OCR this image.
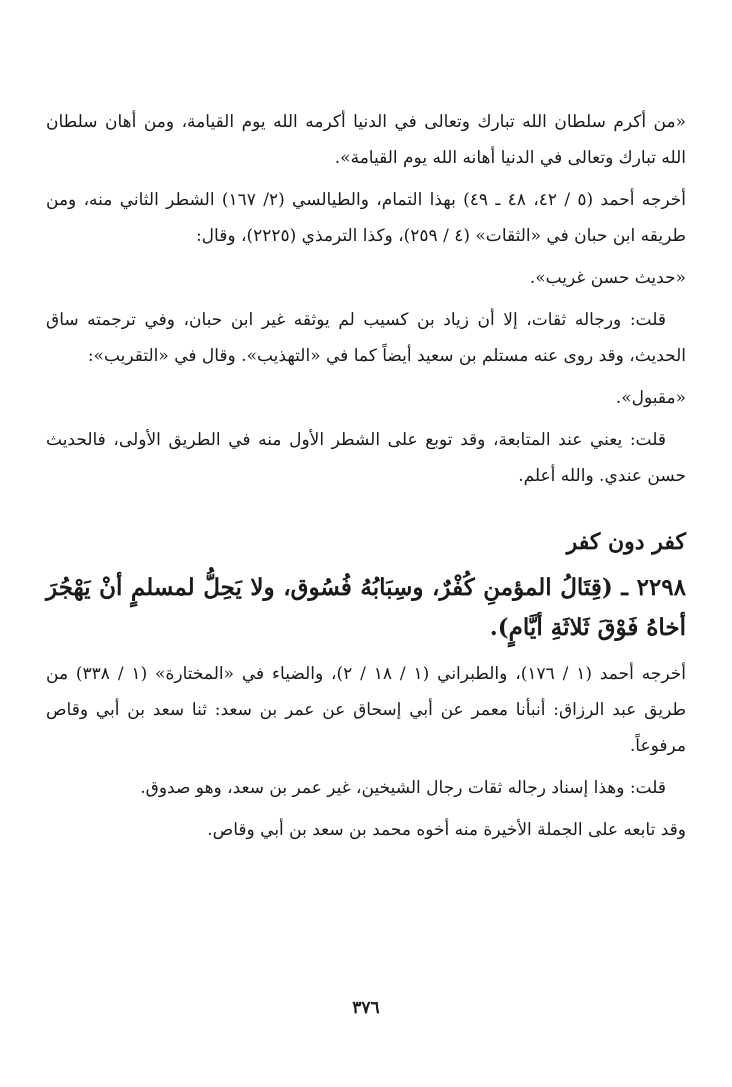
«من أكرم سلطان الله تبارك وتعالى في الدنيا أكرمه الله يوم القيامة، ومن أهان سلطان الله تبارك وتعالى في الدنيا أهانه الله يوم القيامة».

أخرجه أحمد (٥ / ٤٢، ٤٨ ـ ٤٩) بهذا التمام، والطيالسي (٢/ ١٦٧) الشطر الثاني منه، ومن طريقه ابن حبان في «الثقات» (٤ / ٢٥٩)، وكذا الترمذي (٢٢٢٥)، وقال:

«حديث حسن غريب».

قلت: ورجاله ثقات، إلا أن زياد بن كسيب لم يوثقه غير ابن حبان، وفي ترجمته ساق الحديث، وقد روى عنه مستلم بن سعيد أيضاً كما في «التهذيب». وقال في «التقريب»:

«مقبول».

قلت: يعني عند المتابعة، وقد توبع على الشطر الأول منه في الطريق الأولى، فالحديث حسن عندي. والله أعلم.

كفر دون كفر

٢٢٩٨ ـ (قِتَالُ المؤمنِ كُفْرٌ، وسِبَابُهُ فُسُوق، ولا يَحِلُّ لمسلمٍ أنْ يَهْجُرَ أخاهُ فَوْقَ ثَلاثَةِ أيَّامٍ).

أخرجه أحمد (١ / ١٧٦)، والطبراني (١ / ١٨ / ٢)، والضياء في «المختارة» (١ / ٣٣٨) من طريق عبد الرزاق: أنبأنا معمر عن أبي إسحاق عن عمر بن سعد: ثنا سعد بن أبي وقاص مرفوعاً.

قلت: وهذا إسناد رجاله ثقات رجال الشيخين، غير عمر بن سعد، وهو صدوق.

وقد تابعه على الجملة الأخيرة منه أخوه محمد بن سعد بن أبي وقاص.

٣٧٦
